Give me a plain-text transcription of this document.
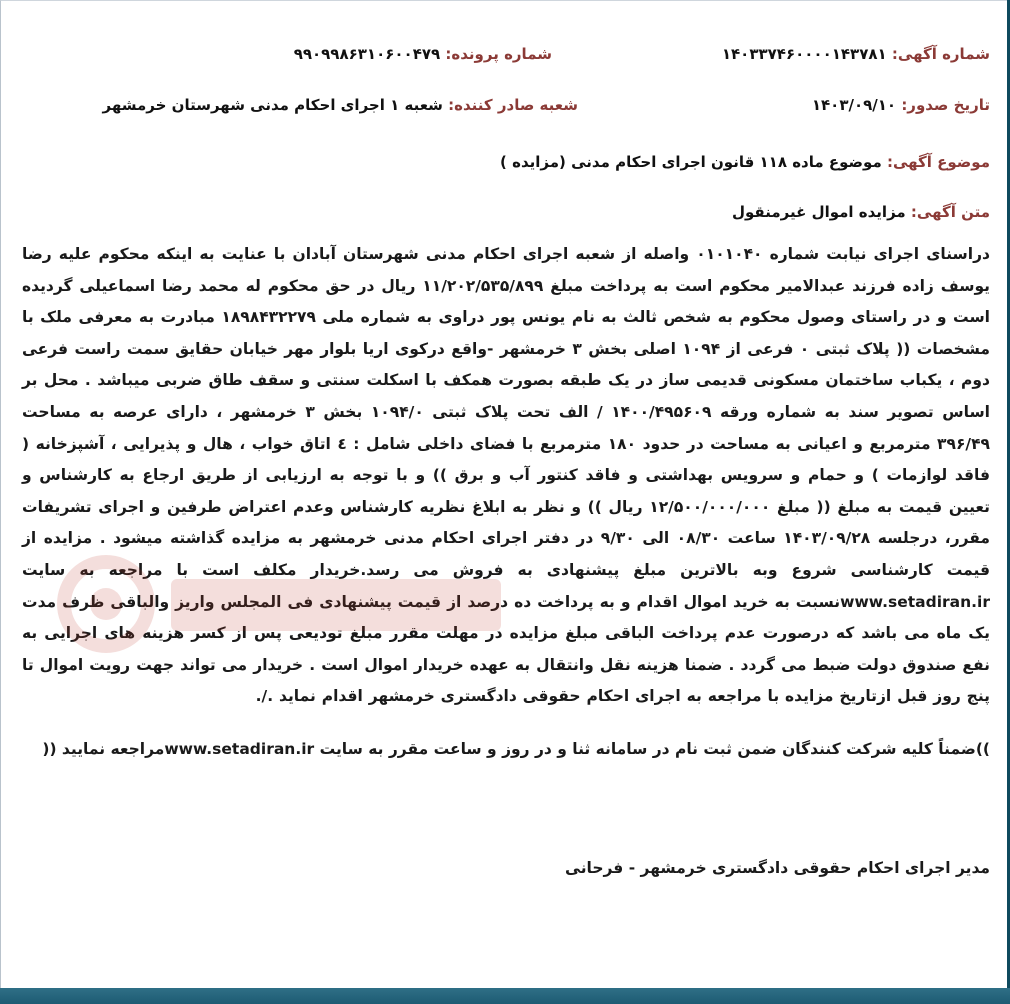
شماره آگهی: ۱۴۰۳۳۷۴۶۰۰۰۰۱۴۳۷۸۱
شماره پرونده: ۹۹۰۹۹۸۶۳۱۰۶۰۰۴۷۹
تاریخ صدور: ۱۴۰۳/۰۹/۱۰
شعبه صادر کننده: شعبه ۱ اجرای احکام مدنی شهرستان خرمشهر
موضوع آگهی: موضوع ماده ۱۱۸ قانون اجرای احکام مدنی (مزایده )
متن آگهی: مزایده اموال غیرمنقول
دراسنای اجرای نیابت شماره ۰۱۰۱۰۴۰ واصله از شعبه اجرای احکام مدنی شهرستان آبادان با عنایت به اینکه محکوم علیه رضا یوسف زاده فرزند عبدالامیر محکوم است به پرداخت مبلغ ۱۱/۲۰۲/۵۳۵/۸۹۹ ریال در حق محکوم له محمد رضا اسماعیلی گردیده است و در راستای وصول محکوم به شخص ثالث به نام یونس پور دراوی به شماره ملی ۱۸۹۸۴۳۲۲۷۹ مبادرت به معرفی ملک با مشخصات (( پلاک ثبتی ۰ فرعی از ۱۰۹۴ اصلی بخش ۳ خرمشهر -واقع درکوی اریا بلوار مهر خیابان حقایق سمت راست فرعی دوم ، یکباب ساختمان مسکونی قدیمی ساز در یک طبقه بصورت همکف با اسکلت سنتی و سقف طاق ضربی میباشد . محل بر اساس تصویر سند به شماره ورقه ۱۴۰۰/۴۹۵۶۰۹ / الف تحت پلاک ثبتی ۱۰۹۴/۰ بخش ۳ خرمشهر ، دارای عرصه به مساحت ۳۹۶/۴۹ مترمربع و اعیانی به مساحت در حدود ۱۸۰ مترمربع با فضای داخلی شامل : ٤ اتاق خواب ، هال و پذیرایی ، آشپزخانه ( فاقد لوازمات ) و حمام و سرویس بهداشتی و فاقد کنتور آب و برق )) و با توجه به ارزیابی از طریق ارجاع به کارشناس و تعیین قیمت به مبلغ (( مبلغ ۱۲/۵۰۰/۰۰۰/۰۰۰ ریال )) و نظر به ابلاغ نظریه کارشناس وعدم اعتراض طرفین و اجرای تشریفات مقرر، درجلسه ۱۴۰۳/۰۹/۲۸ ساعت ۰۸/۳۰ الی ۹/۳۰ در دفتر اجرای احکام مدنی خرمشهر به مزایده گذاشته میشود . مزایده از قیمت کارشناسی شروع وبه بالاترین مبلغ پیشنهادی به فروش می رسد.خریدار مکلف است با مراجعه به سایت www.setadiran.irنسبت به خرید اموال اقدام و به پرداخت ده درصد از قیمت پیشنهادی فی المجلس واریز والباقی ظرف مدت یک ماه می باشد که درصورت عدم پرداخت الباقی مبلغ مزایده در مهلت مقرر مبلغ تودیعی پس از کسر هزینه های اجرایی به نفع صندوق دولت ضبط می گردد . ضمنا هزینه نقل وانتقال به عهده خریدار اموال است . خریدار می تواند جهت رویت اموال تا پنج روز قبل ازتاریخ مزایده با مراجعه به اجرای احکام حقوقی دادگستری خرمشهر اقدام نماید ./.
))ضمناً کلیه شرکت کنندگان ضمن ثبت نام در سامانه ثنا و در روز و ساعت مقرر به سایت www.setadiran.irمراجعه نمایید ((
مدیر اجرای احکام حقوقی دادگستری خرمشهر - فرحانی
